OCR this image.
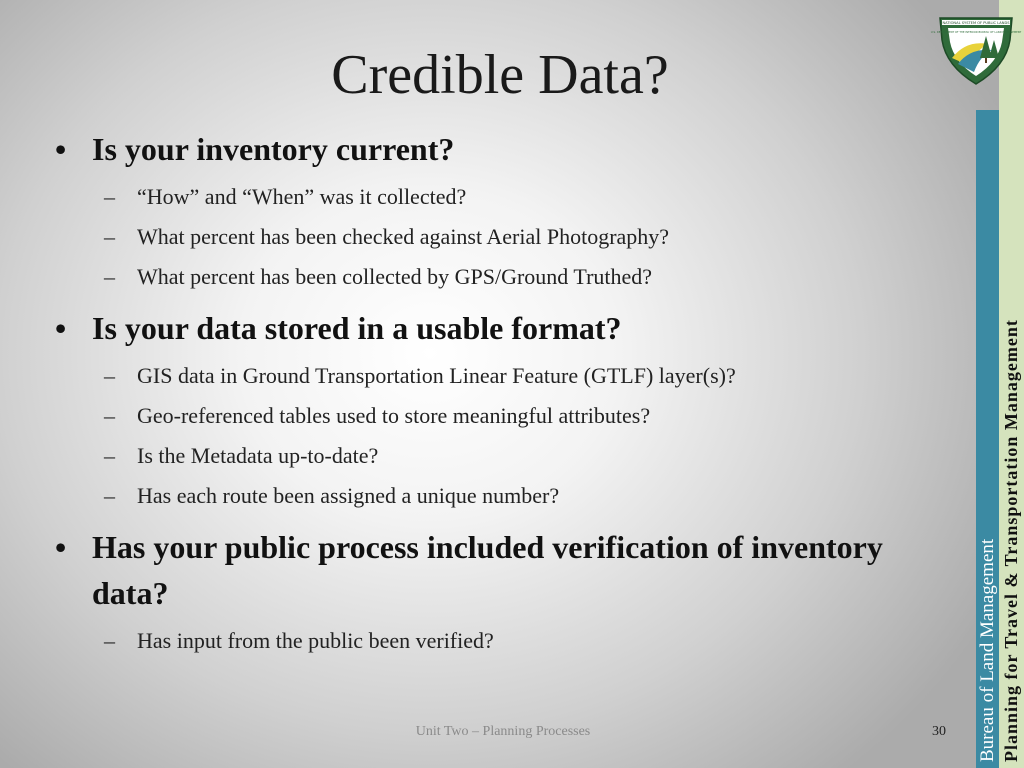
Credible Data?
• Is your inventory current?
– “How” and “When” was it collected?
– What percent has been checked against Aerial Photography?
– What percent has been collected by GPS/Ground Truthed?
• Is your data stored in a usable format?
– GIS data in Ground Transportation Linear Feature (GTLF) layer(s)?
– Geo-referenced tables used to store meaningful attributes?
– Is the Metadata up-to-date?
– Has each route been assigned a unique number?
• Has your public process included verification of inventory data?
– Has input from the public been verified?
Unit Two – Planning Processes	30 Bureau of Land Management Planning for Travel & Transportation Management
NATIONAL SYSTEM OF PUBLIC LANDS
U.S. DEPARTMENT OF THE INTERIOR BUREAU OF LAND MANAGEMENT
